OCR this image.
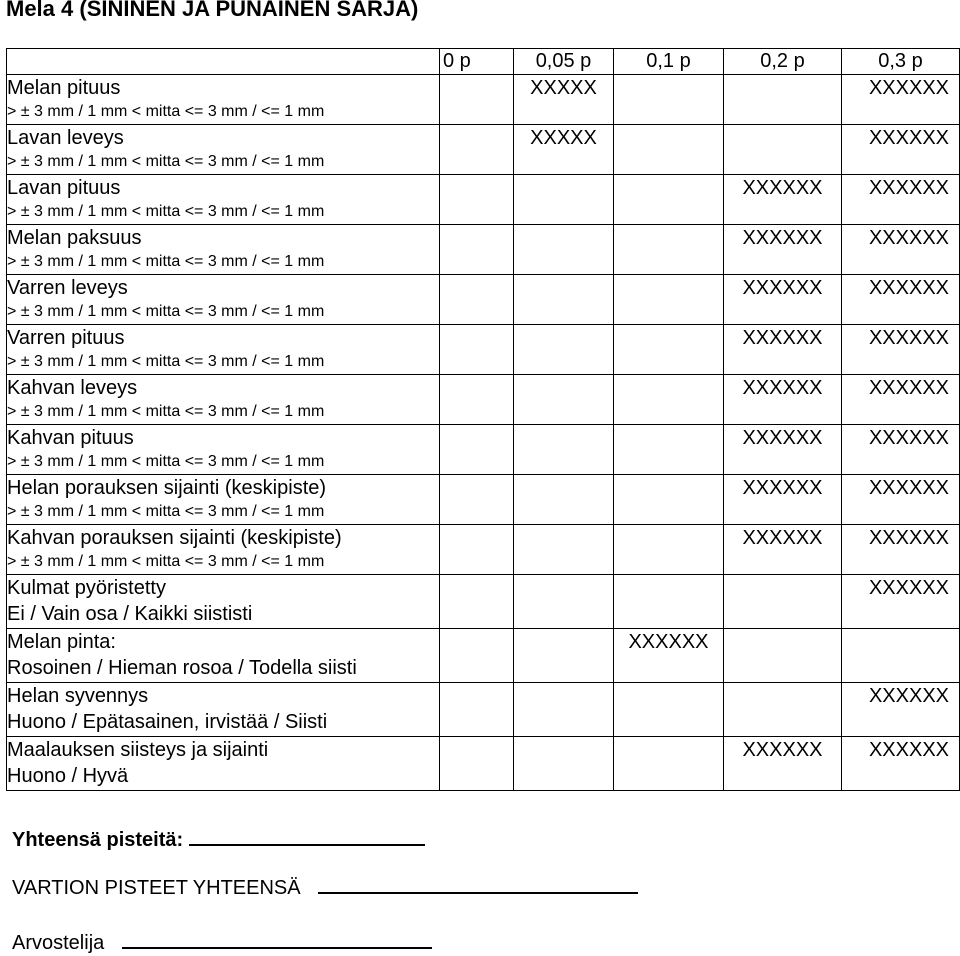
Mela 4 (SININEN JA PUNAINEN SARJA)
	0 p	0,05 p	0,1 p	0,2 p	0,3 p

Melan pituus
> ± 3 mm / 1 mm < mitta <= 3 mm / <= 1 mm		XXXXX			XXXXXX

Lavan leveys
> ± 3 mm / 1 mm < mitta <= 3 mm / <= 1 mm		XXXXX			XXXXXX

Lavan pituus
> ± 3 mm / 1 mm < mitta <= 3 mm / <= 1 mm				XXXXXX	XXXXXX

Melan paksuus
> ± 3 mm / 1 mm < mitta <= 3 mm / <= 1 mm				XXXXXX	XXXXXX

Varren leveys
> ± 3 mm / 1 mm < mitta <= 3 mm / <= 1 mm				XXXXXX	XXXXXX

Varren pituus
> ± 3 mm / 1 mm < mitta <= 3 mm / <= 1 mm				XXXXXX	XXXXXX

Kahvan leveys
> ± 3 mm / 1 mm < mitta <= 3 mm / <= 1 mm				XXXXXX	XXXXXX

Kahvan pituus
> ± 3 mm / 1 mm < mitta <= 3 mm / <= 1 mm				XXXXXX	XXXXXX

Helan porauksen sijainti (keskipiste)
> ± 3 mm / 1 mm < mitta <= 3 mm / <= 1 mm				XXXXXX	XXXXXX

Kahvan porauksen sijainti (keskipiste)
> ± 3 mm / 1 mm < mitta <= 3 mm / <= 1 mm				XXXXXX	XXXXXX

Kulmat pyöristetty
Ei / Vain osa / Kaikki siististi					XXXXXX

Melan pinta:
Rosoinen / Hieman rosoa / Todella siisti			XXXXXX		

Helan syvennys
Huono / Epätasainen, irvistää / Siisti					XXXXXX

Maalauksen siisteys ja sijainti
Huono / Hyvä				XXXXXX	XXXXXX
Yhteensä pisteitä:
VARTION PISTEET YHTEENSÄ
Arvostelija
